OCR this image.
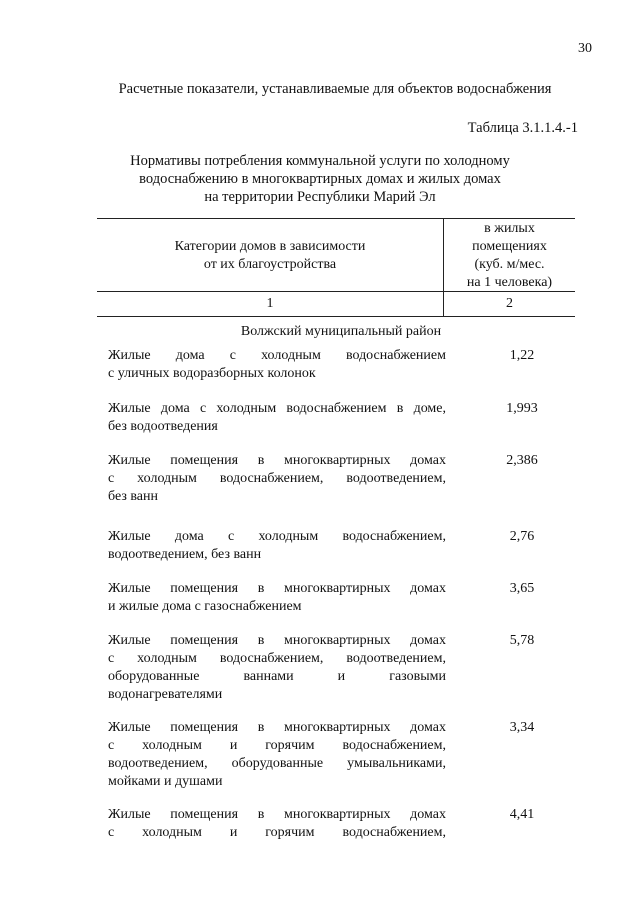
30
Расчетные показатели, устанавливаемые для объектов водоснабжения
Таблица 3.1.1.4.-1
Нормативы потребления коммунальной услуги по холодному
водоснабжению в многоквартирных домах и жилых домах
на территории Республики Марий Эл
Категории домов в зависимости
от их благоустройства
в жилых
помещениях
(куб. м/мес.
на 1 человека)
1	2
Волжский муниципальный район
Жилые дома с холодным водоснабжением
с уличных водоразборных колонок
1,22
Жилые дома с холодным водоснабжением в доме,
без водоотведения
1,993
Жилые помещения в многоквартирных домах
с холодным водоснабжением, водоотведением,
без ванн
2,386
Жилые дома с холодным водоснабжением,
водоотведением, без ванн
2,76
Жилые помещения в многоквартирных домах
и жилые дома с газоснабжением
3,65
Жилые помещения в многоквартирных домах
с холодным водоснабжением, водоотведением,
оборудованные ваннами и газовыми
водонагревателями
5,78
Жилые помещения в многоквартирных домах
с холодным и горячим водоснабжением,
водоотведением, оборудованные умывальниками,
мойками и душами
3,34
Жилые помещения в многоквартирных домах
с холодным и горячим водоснабжением,
4,41
